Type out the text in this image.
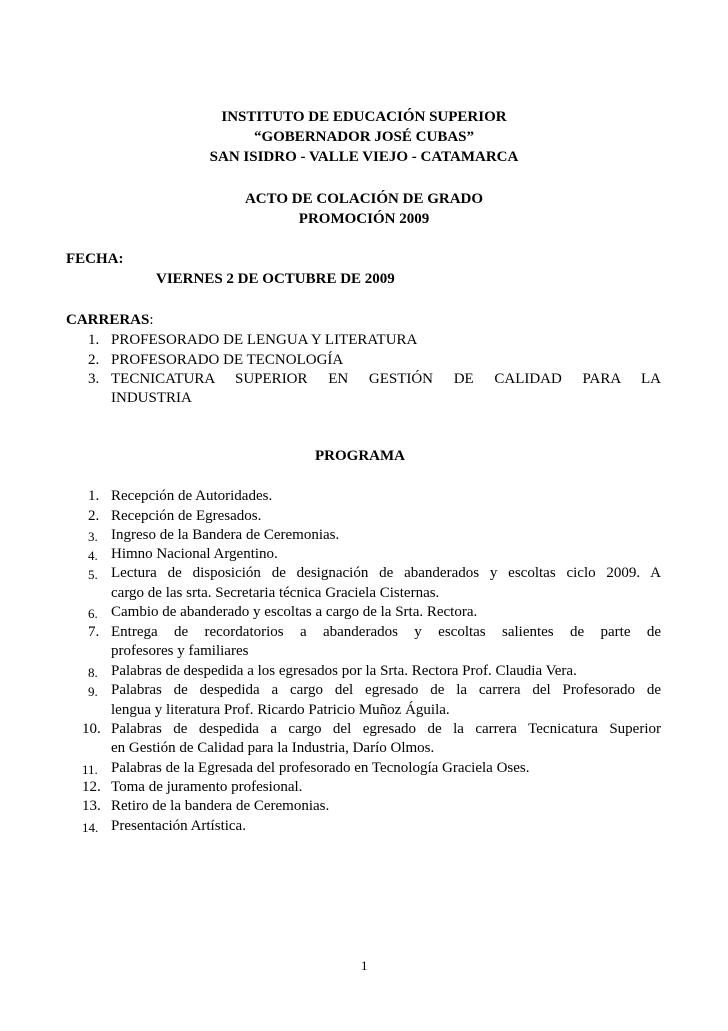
INSTITUTO DE EDUCACIÓN SUPERIOR
“GOBERNADOR JOSÉ CUBAS”
SAN ISIDRO - VALLE VIEJO - CATAMARCA
ACTO DE COLACIÓN DE GRADO
PROMOCIÓN 2009
FECHA:
VIERNES 2 DE OCTUBRE DE 2009
CARRERAS:
1. PROFESORADO DE LENGUA Y LITERATURA
2. PROFESORADO DE TECNOLOGÍA
3. TECNICATURA SUPERIOR EN GESTIÓN DE CALIDAD PARA LA
INDUSTRIA
PROGRAMA
1. Recepción de Autoridades.
2. Recepción de Egresados.
3. Ingreso de la Bandera de Ceremonias.
4. Himno Nacional Argentino.
5. Lectura de disposición de designación de abanderados y escoltas ciclo 2009. A
cargo de las srta. Secretaria técnica Graciela Cisternas.
6. Cambio de abanderado y escoltas a cargo de la Srta. Rectora.
7. Entrega de recordatorios a abanderados y escoltas salientes de parte de
profesores y familiares
8. Palabras de despedida a los egresados por la Srta. Rectora Prof. Claudia Vera.
9. Palabras de despedida a cargo del egresado de la carrera del Profesorado de
lengua y literatura Prof. Ricardo Patricio Muñoz Águila.
10. Palabras de despedida a cargo del egresado de la carrera Tecnicatura Superior
en Gestión de Calidad para la Industria, Darío Olmos.
11. Palabras de la Egresada del profesorado en Tecnología Graciela Oses.
12. Toma de juramento profesional.
13. Retiro de la bandera de Ceremonias.
14. Presentación Artística.
1
